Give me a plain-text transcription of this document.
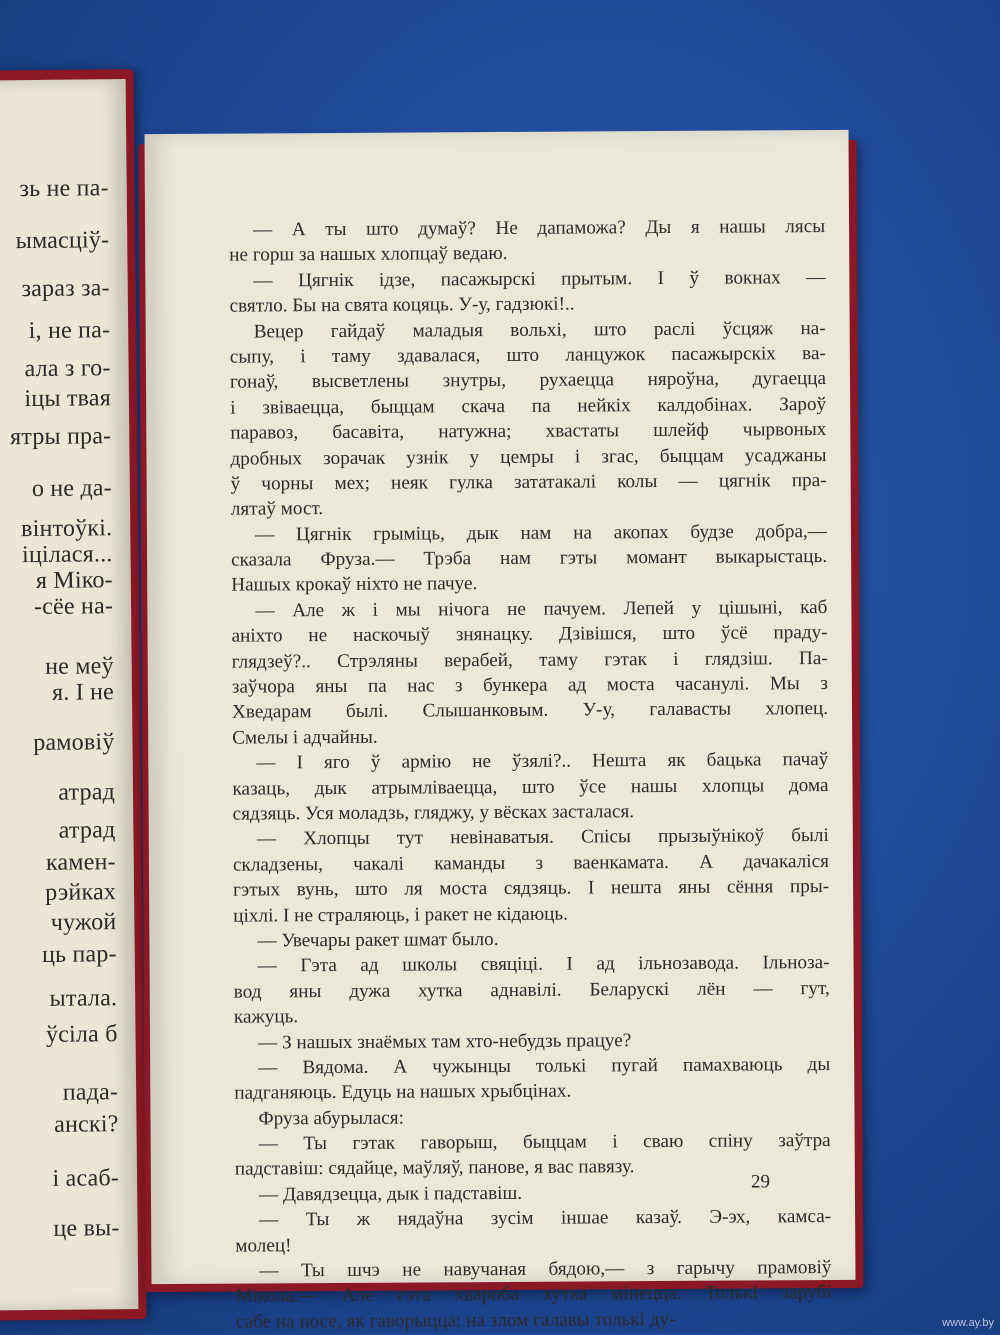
зь не па-
ымасціў-
зараз за-
і, не па-
ала з го-
іцы твая
ятры пра-
о не да-
вінтоўкі.
іцілася...
я Міко-
-сёе на-
не меў
я. І не
рамовіў
атрад
атрад
камен-
рэйках
чужой
ць пар-
ытала.
ўсіла б
пада-
анскі?
і асаб-
це вы-
— А ты што думаў? Не дапаможа? Ды я нашы лясы
не горш за нашых хлопцаў ведаю.
— Цягнік ідзе, пасажырскі прытым. І ў вокнах —
святло. Бы на свята коцяць. У-у, гадзюкі!..
Вецер гайдаў маладыя вольхі, што раслі ўсцяж на-
сыпу, і таму здавалася, што ланцужок пасажырскіх ва-
гонаў, высветлены знутры, рухаецца няроўна, дугаецца
і звіваецца, быццам скача па нейкіх калдобінах. Зароў
паравоз, басавіта, натужна; хвастаты шлейф чырвоных
дробных зорачак узнік у цемры і згас, быццам усаджаны
ў чорны мех; неяк гулка зататакалі колы — цягнік пра-
лятаў мост.
— Цягнік грыміць, дык нам на акопах будзе добра,—
сказала Фруза.— Трэба нам гэты момант выкарыстаць.
Нашых крокаў ніхто не пачуе.
— Але ж і мы нічога не пачуем. Лепей у цішыні, каб
аніхто не наскочыў знянацку. Дзівішся, што ўсё праду-
глядзеў?.. Стрэляны верабей, таму гэтак і глядзіш. Па-
заўчора яны па нас з бункера ад моста часанулі. Мы з
Хведарам былі. Слышанковым. У-у, галавасты хлопец.
Смелы і адчайны.
— І яго ў армію не ўзялі?.. Нешта як бацька пачаў
казаць, дык атрымліваецца, што ўсе нашы хлопцы дома
сядзяць. Уся моладзь, гляджу, у вёсках засталася.
— Хлопцы тут невінаватыя. Спісы прызыўнікоў былі
складзены, чакалі каманды з ваенкамата. А дачакаліся
гэтых вунь, што ля моста сядзяць. І нешта яны сёння пры-
ціхлі. І не страляюць, і ракет не кідаюць.
— Увечары ракет шмат было.
— Гэта ад школы свяціці. І ад ільнозавода. Ільноза-
вод яны дужа хутка аднавілі. Беларускі лён — гут,
кажуць.
— З нашых знаёмых там хто-небудзь працуе?
— Вядома. А чужынцы толькі пугай памахваюць ды
падганяюць. Едуць на нашых хрыбцінах.
Фруза абурылася:
— Ты гэтак гаворыш, быццам і сваю спіну заўтра
падставіш: сядайце, маўляў, панове, я вас павязу.
— Давядзецца, дык і падставіш.
— Ты ж нядаўна зусім іншае казаў. Э-эх, камса-
молец!
— Ты шчэ не навучаная бядою,— з гарычу прамовіў
Мікола.— Але гэта хвароба хутка мінецца. Толькі зарубі
сабе на носе, як гаворыцца: на злом галавы толькі ду-
29
www.ay.by
